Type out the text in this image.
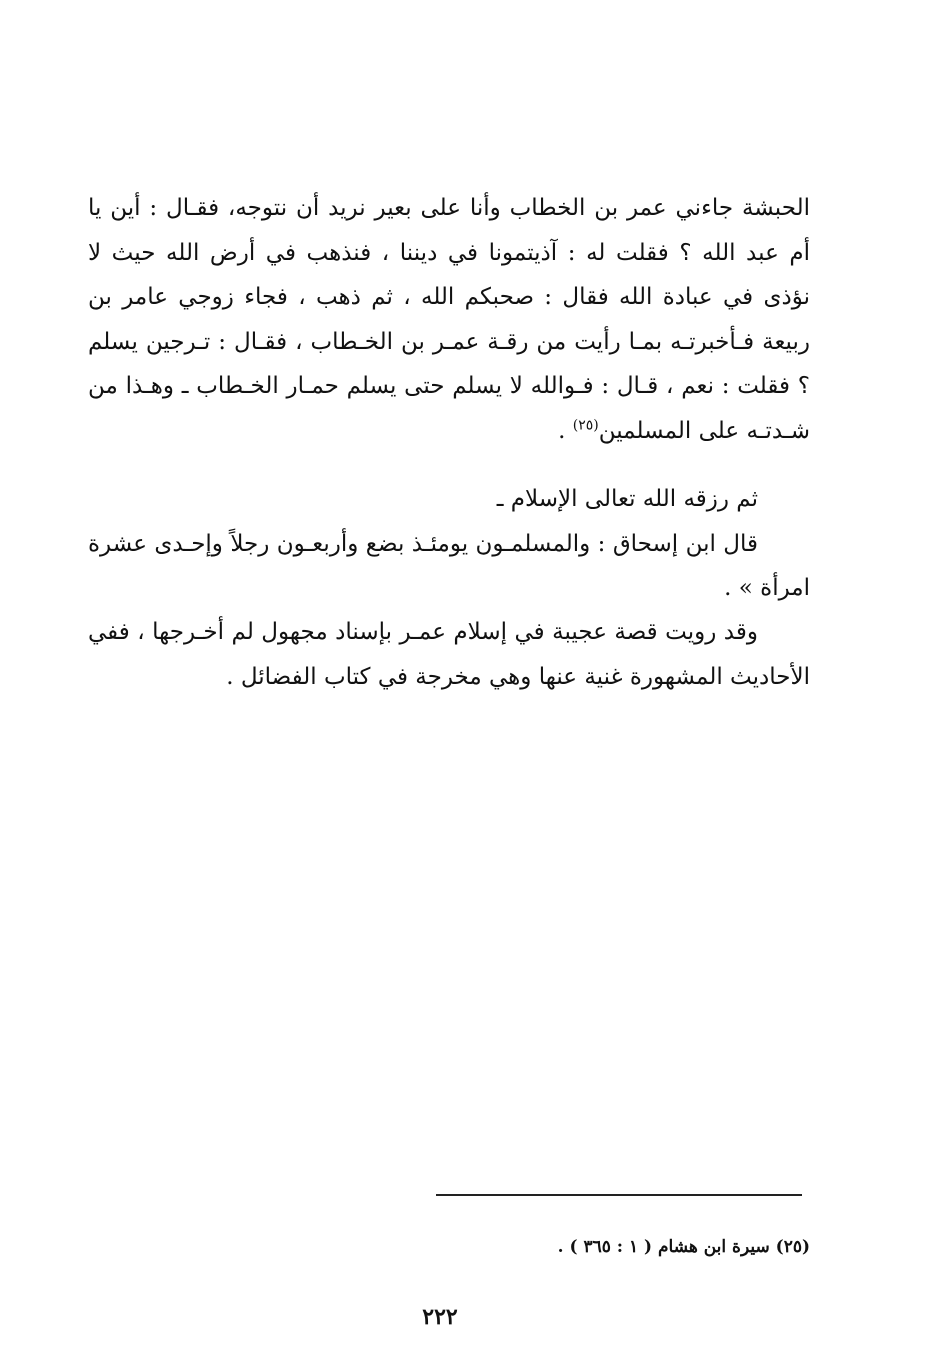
الحبشة جاءني عمر بن الخطاب وأنا على بعير نريد أن نتوجه، فقـال : أين يا أم عبد الله ؟ فقلت له : آذيتمونا في ديننا ، فنذهب في أرض الله حيث لا نؤذى في عبادة الله فقال : صحبكم الله ، ثم ذهب ، فجاء زوجي عامر بن ربيعة فـأخبرتـه بمـا رأيت من رقـة عمـر بن الخـطاب ، فقـال : تـرجين يسلم ؟ فقلت : نعم ، قـال : فـوالله لا يسلم حتى يسلم حمـار الخـطاب ـ وهـذا من شـدتـه على المسلمين$^{(٢٥)}$ .

ثم رزقه الله تعالى الإسلام ـ

قال ابن إسحاق : والمسلمـون يومئـذ بضع وأربعـون رجلاً وإحـدى عشرة امرأة » .

وقد رويت قصة عجيبة في إسلام عمـر بإسناد مجهول لم أخـرجها ، ففي الأحاديث المشهورة غنية عنها وهي مخرجة في كتاب الفضائل .

(٢٥) سيرة ابن هشام ( ١ : ٣٦٥ ) .
٢٢٢
